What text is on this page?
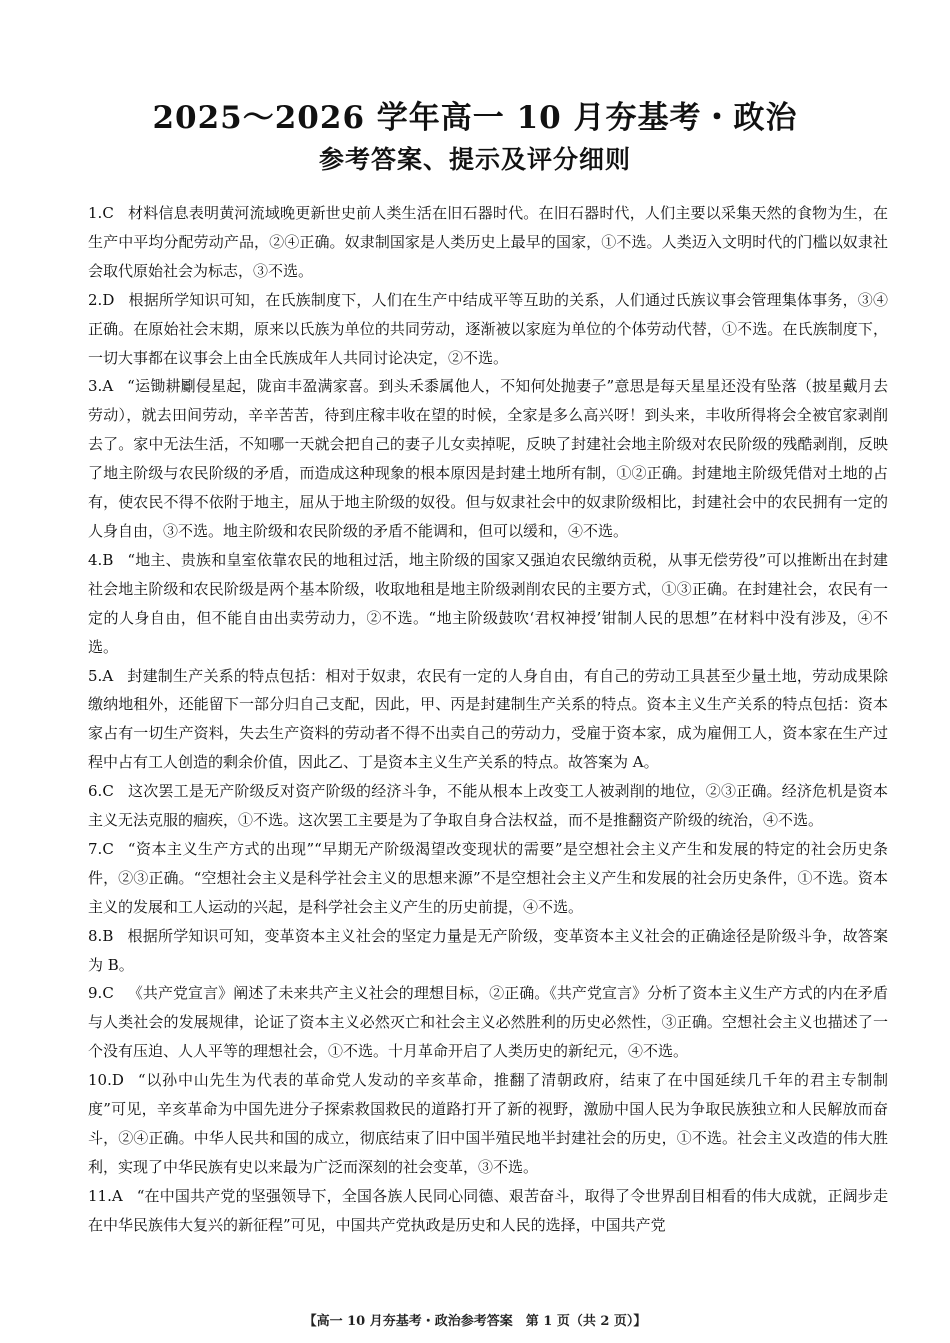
2025～2026 学年高一 10 月夯基考・政治
参考答案、提示及评分细则

1.C 材料信息表明黄河流域晚更新世史前人类生活在旧石器时代。在旧石器时代，人们主要以采集天然的食物为生，在生产中平均分配劳动产品，②④正确。奴隶制国家是人类历史上最早的国家，①不选。人类迈入文明时代的门槛以奴隶社会取代原始社会为标志，③不选。

2.D 根据所学知识可知，在氏族制度下，人们在生产中结成平等互助的关系，人们通过氏族议事会管理集体事务，③④正确。在原始社会末期，原来以氏族为单位的共同劳动，逐渐被以家庭为单位的个体劳动代替，①不选。在氏族制度下，一切大事都在议事会上由全氏族成年人共同讨论决定，②不选。

3.A “运锄耕劚侵星起，陇亩丰盈满家喜。到头禾黍属他人，不知何处抛妻子”意思是每天星星还没有坠落（披星戴月去劳动），就去田间劳动，辛辛苦苦，待到庄稼丰收在望的时候，全家是多么高兴呀！到头来，丰收所得将会全被官家剥削去了。家中无法生活，不知哪一天就会把自己的妻子儿女卖掉呢，反映了封建社会地主阶级对农民阶级的残酷剥削，反映了地主阶级与农民阶级的矛盾，而造成这种现象的根本原因是封建土地所有制，①②正确。封建地主阶级凭借对土地的占有，使农民不得不依附于地主，屈从于地主阶级的奴役。但与奴隶社会中的奴隶阶级相比，封建社会中的农民拥有一定的人身自由，③不选。地主阶级和农民阶级的矛盾不能调和，但可以缓和，④不选。

4.B “地主、贵族和皇室依靠农民的地租过活，地主阶级的国家又强迫农民缴纳贡税，从事无偿劳役”可以推断出在封建社会地主阶级和农民阶级是两个基本阶级，收取地租是地主阶级剥削农民的主要方式，①③正确。在封建社会，农民有一定的人身自由，但不能自由出卖劳动力，②不选。“地主阶级鼓吹‘君权神授’钳制人民的思想”在材料中没有涉及，④不选。

5.A 封建制生产关系的特点包括：相对于奴隶，农民有一定的人身自由，有自己的劳动工具甚至少量土地，劳动成果除缴纳地租外，还能留下一部分归自己支配，因此，甲、丙是封建制生产关系的特点。资本主义生产关系的特点包括：资本家占有一切生产资料，失去生产资料的劳动者不得不出卖自己的劳动力，受雇于资本家，成为雇佣工人，资本家在生产过程中占有工人创造的剩余价值，因此乙、丁是资本主义生产关系的特点。故答案为 A。

6.C 这次罢工是无产阶级反对资产阶级的经济斗争，不能从根本上改变工人被剥削的地位，②③正确。经济危机是资本主义无法克服的痼疾，①不选。这次罢工主要是为了争取自身合法权益，而不是推翻资产阶级的统治，④不选。

7.C “资本主义生产方式的出现”“早期无产阶级渴望改变现状的需要”是空想社会主义产生和发展的特定的社会历史条件，②③正确。“空想社会主义是科学社会主义的思想来源”不是空想社会主义产生和发展的社会历史条件，①不选。资本主义的发展和工人运动的兴起，是科学社会主义产生的历史前提，④不选。

8.B 根据所学知识可知，变革资本主义社会的坚定力量是无产阶级，变革资本主义社会的正确途径是阶级斗争，故答案为 B。

9.C 《共产党宣言》阐述了未来共产主义社会的理想目标，②正确。《共产党宣言》分析了资本主义生产方式的内在矛盾与人类社会的发展规律，论证了资本主义必然灭亡和社会主义必然胜利的历史必然性，③正确。空想社会主义也描述了一个没有压迫、人人平等的理想社会，①不选。十月革命开启了人类历史的新纪元，④不选。

10.D “以孙中山先生为代表的革命党人发动的辛亥革命，推翻了清朝政府，结束了在中国延续几千年的君主专制制度”可见，辛亥革命为中国先进分子探索救国救民的道路打开了新的视野，激励中国人民为争取民族独立和人民解放而奋斗，②④正确。中华人民共和国的成立，彻底结束了旧中国半殖民地半封建社会的历史，①不选。社会主义改造的伟大胜利，实现了中华民族有史以来最为广泛而深刻的社会变革，③不选。

11.A “在中国共产党的坚强领导下，全国各族人民同心同德、艰苦奋斗，取得了令世界刮目相看的伟大成就，正阔步走在中华民族伟大复兴的新征程”可见，中国共产党执政是历史和人民的选择，中国共产党

【高一 10 月夯基考・政治参考答案　第 1 页（共 2 页）】
